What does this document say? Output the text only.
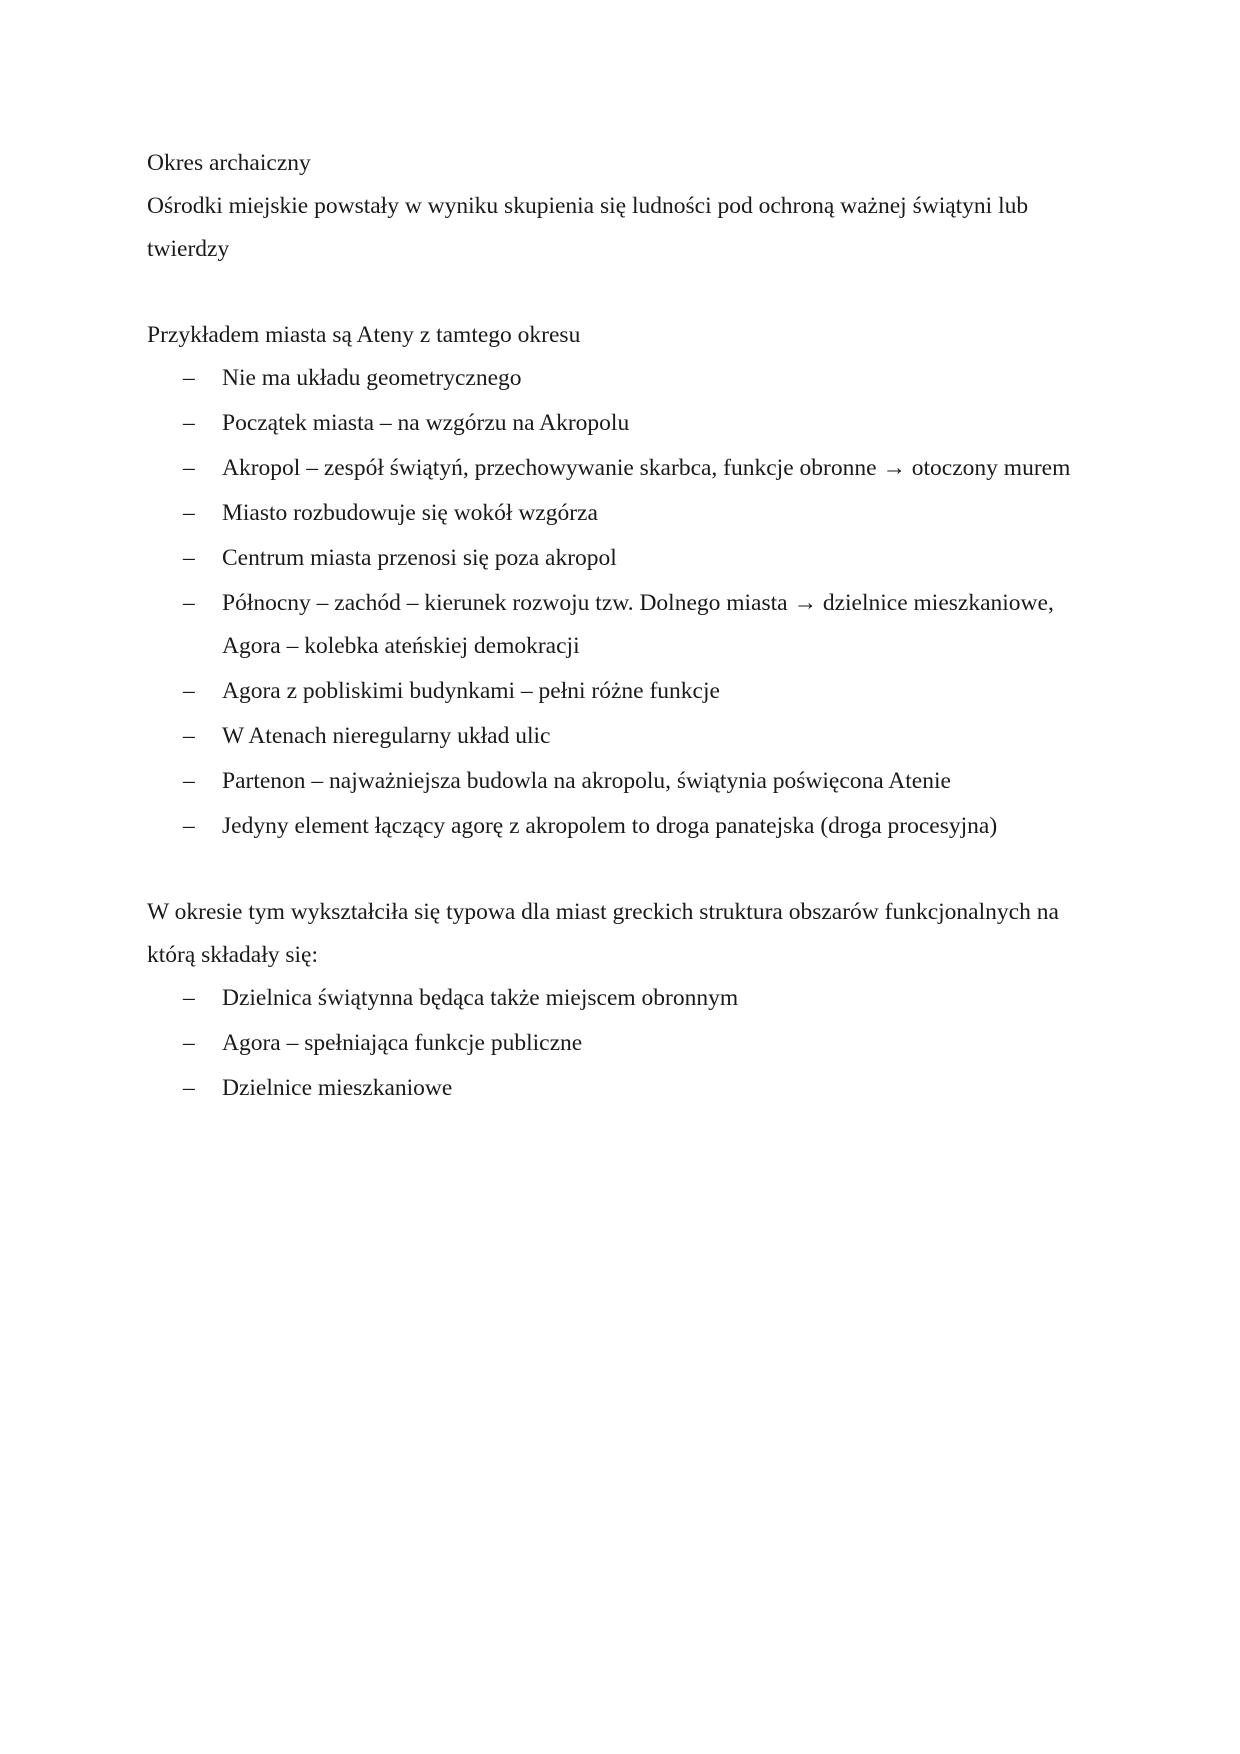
Okres archaiczny

Ośrodki miejskie powstały w wyniku skupienia się ludności pod ochroną ważnej świątyni lub twierdzy

Przykładem miasta są Ateny z tamtego okresu

– Nie ma układu geometrycznego
– Początek miasta – na wzgórzu na Akropolu
– Akropol – zespół świątyń, przechowywanie skarbca, funkcje obronne → otoczony murem
– Miasto rozbudowuje się wokół wzgórza
– Centrum miasta przenosi się poza akropol
– Północny – zachód – kierunek rozwoju tzw. Dolnego miasta → dzielnice mieszkaniowe, Agora – kolebka ateńskiej demokracji
– Agora z pobliskimi budynkami – pełni różne funkcje
– W Atenach nieregularny układ ulic
– Partenon – najważniejsza budowla na akropolu, świątynia poświęcona Atenie
– Jedyny element łączący agorę z akropolem to droga panatejska (droga procesyjna)

W okresie tym wykształciła się typowa dla miast greckich struktura obszarów funkcjonalnych na którą składały się:

– Dzielnica świątynna będąca także miejscem obronnym
– Agora – spełniająca funkcje publiczne
– Dzielnice mieszkaniowe
